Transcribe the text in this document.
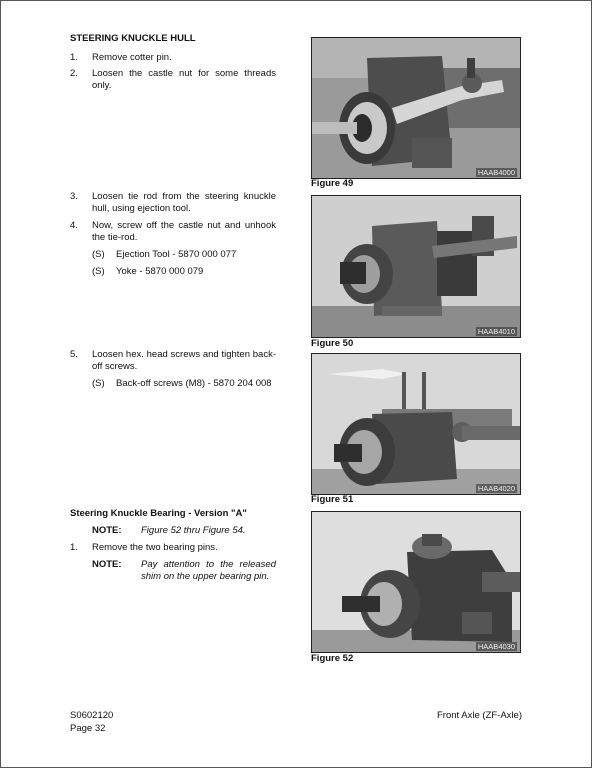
STEERING KNUCKLE HULL
1. Remove cotter pin.
2. Loosen the castle nut for some threads only.
3. Loosen tie rod from the steering knuckle hull, using ejection tool.
4. Now, screw off the castle nut and unhook the tie-rod.
(S) Ejection Tool - 5870 000 077
(S) Yoke - 5870 000 079
5. Loosen hex. head screws and tighten back-off screws.
(S) Back-off screws (M8) - 5870 204 008
Steering Knuckle Bearing - Version "A"
NOTE: Figure 52 thru Figure 54.
1. Remove the two bearing pins.
NOTE: Pay attention to the released shim on the upper bearing pin.
HAAB4000
Figure 49
HAAB4010
Figure 50
HAAB4020
Figure 51
HAAB4030
Figure 52
S0602120
Page 32
Front Axle (ZF-Axle)
